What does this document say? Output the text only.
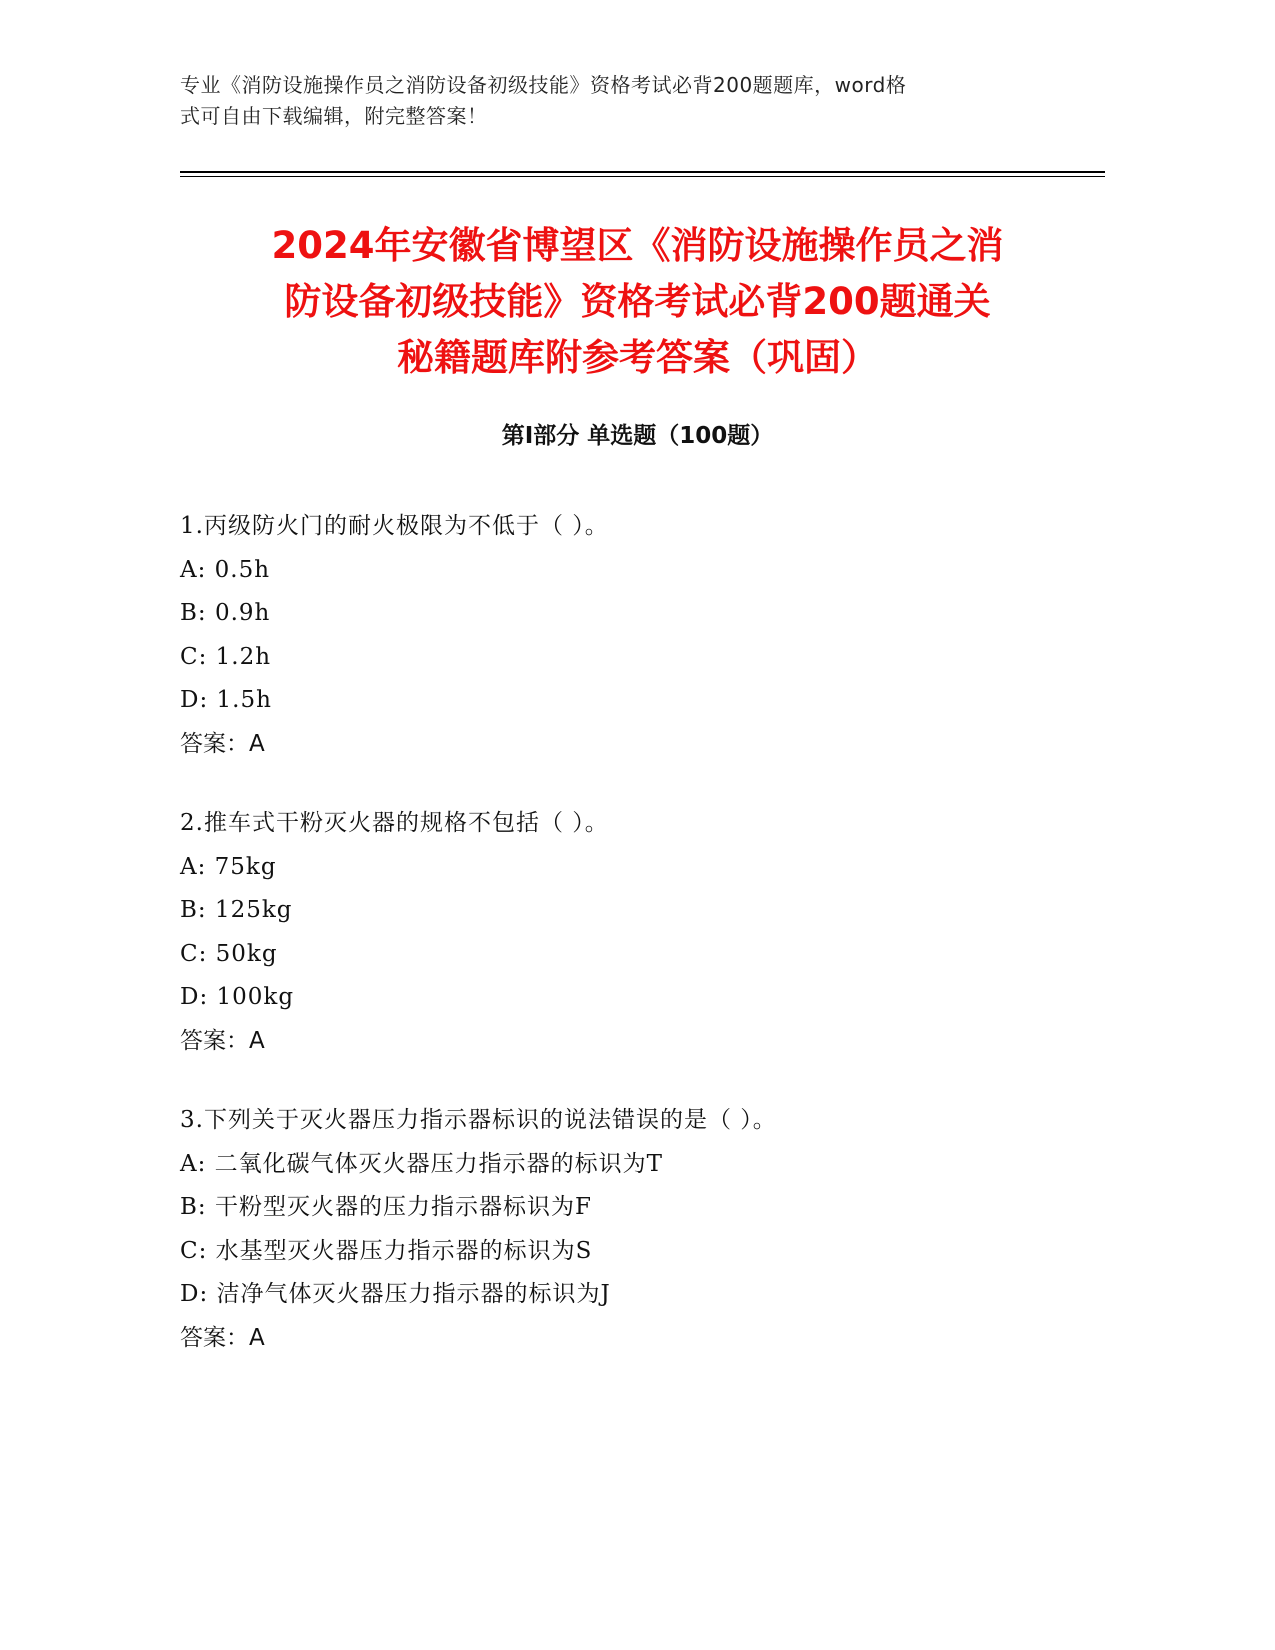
专业《消防设施操作员之消防设备初级技能》资格考试必背200题题库，word格
式可自由下载编辑，附完整答案！
2024年安徽省博望区《消防设施操作员之消
防设备初级技能》资格考试必背200题通关
秘籍题库附参考答案（巩固）
第I部分 单选题（100题）
1.丙级防火门的耐火极限为不低于（ ）。
A: 0.5h
B: 0.9h
C: 1.2h
D: 1.5h
答案：A
2.推车式干粉灭火器的规格不包括（ ）。
A: 75kg
B: 125kg
C: 50kg
D: 100kg
答案：A
3.下列关于灭火器压力指示器标识的说法错误的是（ ）。
A: 二氧化碳气体灭火器压力指示器的标识为T
B: 干粉型灭火器的压力指示器标识为F
C: 水基型灭火器压力指示器的标识为S
D: 洁净气体灭火器压力指示器的标识为J
答案：A
